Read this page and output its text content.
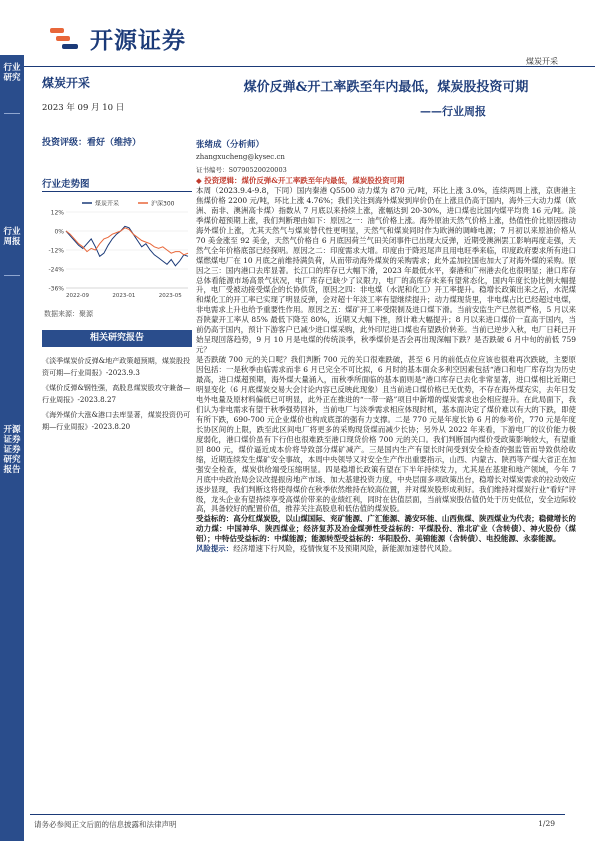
开源证券
煤炭开采
行业研究
行业周报
开源证券证券研究报告
煤炭开采
2023 年 09 月 10 日
投资评级：看好（维持）
行业走势图
12%
0%
-12%
-24%
-36%
2022-09	2023-01	2023-05
煤炭开采	沪深300
数据来源：聚源
相关研究报告
《淡季煤炭价反弹&地产政策超预期，煤炭股投资可期—行业周报》-2023.9.3
《煤价反弹&钢性强，高股息煤炭股攻守兼备—行业周报》-2023.8.27
《海外煤价大涨&港口去库显著，煤炭投资仍可期—行业周报》-2023.8.20
煤价反弹&开工率跌至年内最低，煤炭股投资可期
——行业周报
张绪成（分析师）
zhangxucheng@kysec.cn
证书编号：S0790520020003

◆ 投资逻辑：煤价反弹&开工率跌至年内最低，煤炭股投资可期

本周（2023.9.4-9.8，下同）国内秦港 Q5500 动力煤为 870 元/吨，环比上涨 3.0%，连续两周上涨，京唐港主焦煤价格 2200 元/吨，环比上涨 4.76%；我们关注到海外煤炭到岸价仍在上涨且仍高于国内，海外三大动力煤（欧洲、南非、澳洲高卡煤）指数从 7 月底以来持续上涨，涨幅达到 20-30%，进口煤也比国内煤平均贵 16 元/吨。淡季煤价超预期上涨，我们判断理由如下：原因之一：油气价格上涨。海外原油天然气价格上涨，热值性价比原因推动海外煤价上涨，尤其天然气与煤炭替代性更明显，天然气和煤炭同时作为欧洲的调峰电源；7 月初以来原油价格从 70 美金涨至 92 美金，天然气价格自 6 月底因荷兰气田关闭事件已出现大反弹，近期受澳洲罢工影响再度走强，天然气全年价格底部已经探明。原因之二：印度需求大增。印度由于降迟尾声且用电旺季来临，印度政府要求所有进口煤燃煤电厂在 10 月底之前维持满负荷，从而带动海外煤炭的采购需求；此外孟加拉国也加大了对海外煤的采购。原因之三：国内港口去库显著。长江口的库存已大幅下滑，2023 年最低水平，秦港和广州港去化也很明显；港口库存总体看能源市场高景气状况，电厂库存已缺少了议限力，电厂的高库存未来有望常态化，国内年度长协比例大幅提升，电厂受被动接受煤企的长协供货，原因之四：非电煤（水泥和化工）开工率提升。稳增长政策出来之后，水泥煤和煤化工的开工率已实现了明显反弹，会对超十年淡工率有望继续提升；动力煤现货里，非电煤占比已经超过电煤，非电需求上升也给予重要性作用。原因之五：煤矿开工率受限制及进口煤下滑。当前安监生产已然很严格，5 月以来吾陕蒙开工率从 85% 最低下降至 80%，近期又大幅下挫，预计难大幅提升；8 月以来进口煤价一直高于国内，当前仍高于国内，预计下游客户已减少进口煤采购，此外印尼进口煤也有望跌价转差。当前已逆步入秋，电厂日耗已开始呈现回落趋势，9 月 10 月是电煤的传统淡季，秋季煤价是否会再出现深幅下跌？是否跌破 6 月中旬的前低 759 元？

是否跌破 700 元的关口呢？我们判断 700 元的关口很难跌破，甚至 6 月的前低点位应该也很难再次跌破，主要原因包括：一是秋季由临需求而非 6 月已完全不可比拟，6 月时的基本面众多利空因素包括“港口和电厂库存均为历史最高，进口煤超预期，海外煤大量涌入，而秋季所面临的基本面则是“港口库存已去化非常显著，进口煤相比近期已明显变化（6 月底煤炭交易大会讨论内容已反映此现象）且当前进口煤价格已无优势，不存在海外煤充实，去年日发电外电量及原材料偏低已可明显，此外正在推进的“一带一路”项目中新增的煤炭需求也会相应提升。在此局面下，我们认为非电需求有望于秋季强势回补，当前电厂与淡季需求相应体现时机，基本面决定了煤价难以有大的下跌，即使有所下跌，690-700 元企业煤价也构成底部的强有力支撑。二是 770 元是年度长协 6 月的参考价，770 元是年度长协区间的上限，跌至此区间电厂将更多的采购现货煤而减少长协；另外从 2022 年来看，下游电厂的议价能力极度弱化，港口煤价虽有下行但也很难跌至港口现货价格 700 元的关口。我们判断国内煤价受政策影响较大，有望重回 800 元，煤价逼近成本价将导致部分煤矿减产。三是国内生产有望长时间受到安全检查的强监管而导致供给收缩，近期连续发生煤矿安全事故，本周中央领导又对安全生产作出重要指示，山西、内蒙古、陕西等产煤大省正在加强安全检查，煤炭供给端受压缩明显。四是稳增长政策有望在下半年持续发力，尤其是在基建和地产领域，今年 7 月底中央政治局会议改提振房地产市场、加大基建投资力度，中央层面多项政策出台，稳增长对煤炭需求的拉动效应逐步显现，我们判断这将使得煤价在秋季依然维持在较高位置，并对煤炭股形成利好。我们维持对煤炭行业“看好”评级，龙头企业有望持续享受高煤价带来的业绩红利，同时在估值层面，当前煤炭股估值仍处于历史低位，安全边际较高，具备较好的配置价值，推荐关注高股息和低估值的煤炭股。

受益标的：高分红煤炭股，以山煤国际、兖矿能源、广汇能源、潞安环能、山西焦煤、陕西煤业为代表；稳健增长的动力煤：中国神华、陕西煤业；经济复苏及冶金煤弹性受益标的：平煤股份、淮北矿业（含转债）、神火股份（煤铝）；中特估受益标的：中煤能源；能源转型受益标的：华阳股份、美锦能源（含转债）、电投能源、永泰能源。

风险提示：经济增速下行风险，疫情恢复不及预期风险，新能源加速替代风险。

请务必参阅正文后面的信息披露和法律声明	1/29
